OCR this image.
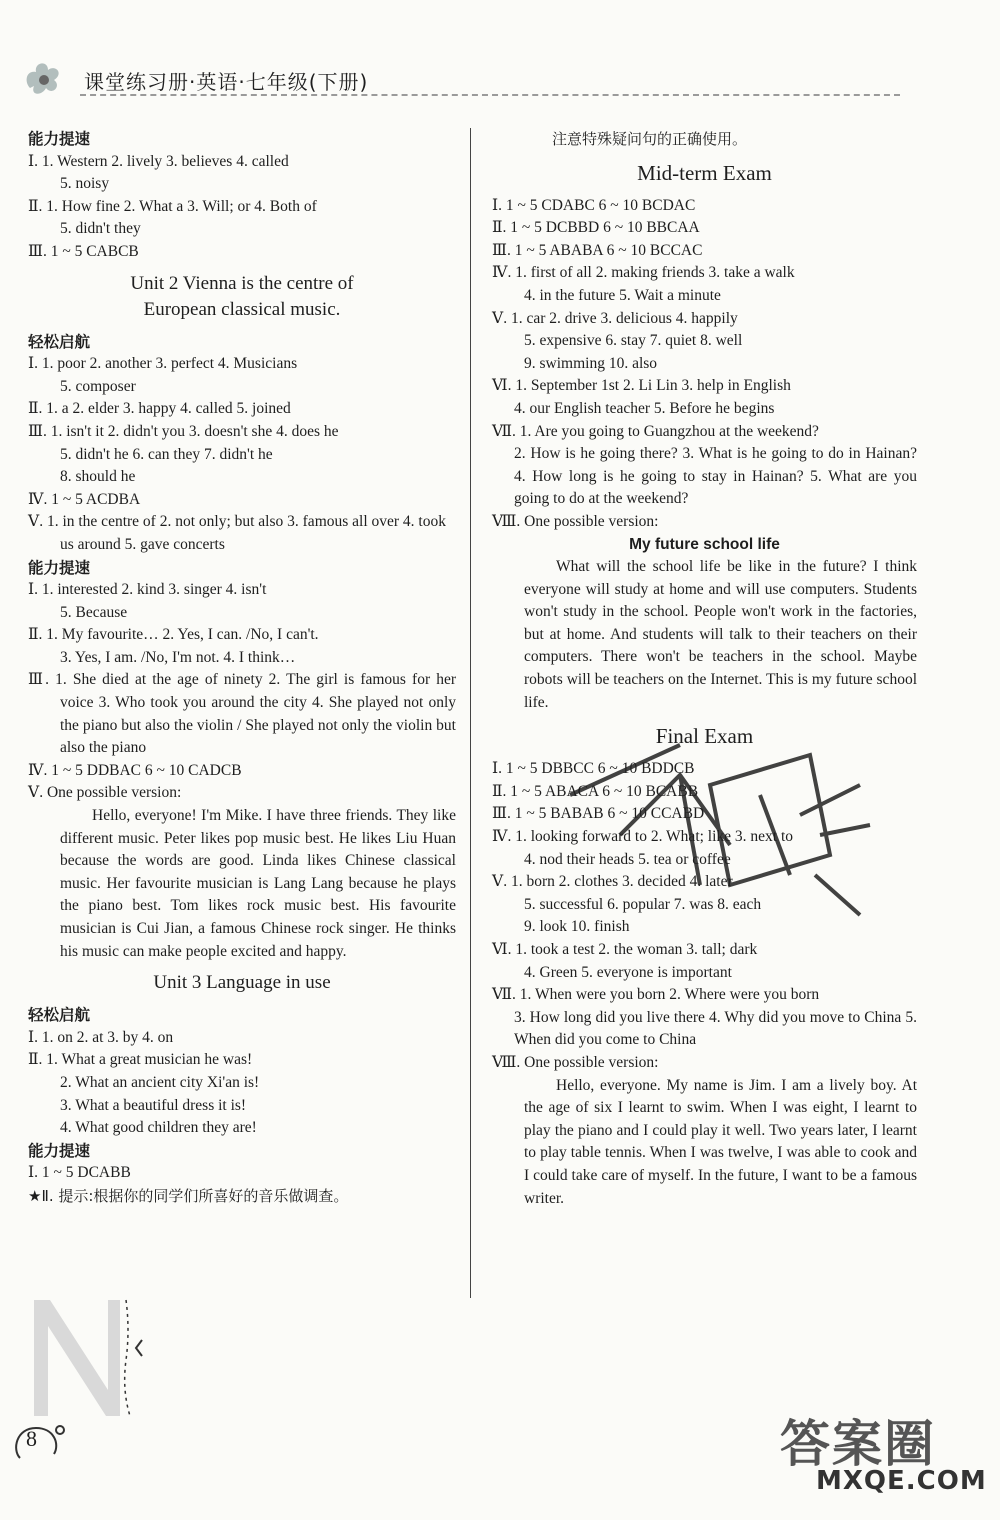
课堂练习册·英语·七年级(下册)
能力提速
Ⅰ. 1. Western 2. lively 3. believes 4. called
5. noisy
Ⅱ. 1. How fine 2. What a 3. Will; or 4. Both of
5. didn't they
Ⅲ. 1 ~ 5 CABCB
Unit 2 Vienna is the centre of
European classical music.
轻松启航
Ⅰ. 1. poor 2. another 3. perfect 4. Musicians
5. composer
Ⅱ. 1. a 2. elder 3. happy 4. called 5. joined
Ⅲ. 1. isn't it 2. didn't you 3. doesn't she 4. does he
5. didn't he 6. can they 7. didn't he
8. should he
Ⅳ. 1 ~ 5 ACDBA
Ⅴ. 1. in the centre of 2. not only; but also 3. famous all over 4. took us around 5. gave concerts
能力提速
Ⅰ. 1. interested 2. kind 3. singer 4. isn't
5. Because
Ⅱ. 1. My favourite… 2. Yes, I can. /No, I can't.
3. Yes, I am. /No, I'm not. 4. I think…
Ⅲ. 1. She died at the age of ninety 2. The girl is famous for her voice 3. Who took you around the city 4. She played not only the piano but also the violin / She played not only the violin but also the piano
Ⅳ. 1 ~ 5 DDBAC 6 ~ 10 CADCB
Ⅴ. One possible version:
Hello, everyone! I'm Mike. I have three friends. They like different music. Peter likes pop music best. He likes Liu Huan because the words are good. Linda likes Chinese classical music. Her favourite musician is Lang Lang because he plays the piano best. Tom likes rock music best. His favourite musician is Cui Jian, a famous Chinese rock singer. He thinks his music can make people excited and happy.
Unit 3 Language in use
轻松启航
Ⅰ. 1. on 2. at 3. by 4. on
Ⅱ. 1. What a great musician he was!
2. What an ancient city Xi'an is!
3. What a beautiful dress it is!
4. What good children they are!
能力提速
Ⅰ. 1 ~ 5 DCABB
★Ⅱ. 提示:根据你的同学们所喜好的音乐做调查。
注意特殊疑问句的正确使用。
Mid-term Exam
Ⅰ. 1 ~ 5 CDABC 6 ~ 10 BCDAC
Ⅱ. 1 ~ 5 DCBBD 6 ~ 10 BBCAA
Ⅲ. 1 ~ 5 ABABA 6 ~ 10 BCCAC
Ⅳ. 1. first of all 2. making friends 3. take a walk
4. in the future 5. Wait a minute
Ⅴ. 1. car 2. drive 3. delicious 4. happily
5. expensive 6. stay 7. quiet 8. well
9. swimming 10. also
Ⅵ. 1. September 1st 2. Li Lin 3. help in English
4. our English teacher 5. Before he begins
Ⅶ. 1. Are you going to Guangzhou at the weekend?
2. How is he going there? 3. What is he going to do in Hainan? 4. How long is he going to stay in Hainan? 5. What are you going to do at the weekend?
Ⅷ. One possible version:
My future school life
What will the school life be like in the future? I think everyone will study at home and will use computers. Students won't study in the school. People won't work in the factories, but at home. And students will talk to their teachers on their computers. There won't be teachers in the school. Maybe robots will be teachers on the Internet. This is my future school life.
Final Exam
Ⅰ. 1 ~ 5 DBBCC 6 ~ 10 BDDCB
Ⅱ. 1 ~ 5 ABACA 6 ~ 10 BCABB
Ⅲ. 1 ~ 5 BABAB 6 ~ 10 CCABD
Ⅳ. 1. looking forward to 2. What; like 3. next to
4. nod their heads 5. tea or coffee
Ⅴ. 1. born 2. clothes 3. decided 4. later
5. successful 6. popular 7. was 8. each
9. look 10. finish
Ⅵ. 1. took a test 2. the woman 3. tall; dark
4. Green 5. everyone is important
Ⅶ. 1. When were you born 2. Where were you born
3. How long did you live there 4. Why did you move to China 5. When did you come to China
Ⅷ. One possible version:
Hello, everyone. My name is Jim. I am a lively boy. At the age of six I learnt to swim. When I was eight, I learnt to play the piano and I could play it well. Two years later, I learnt to play table tennis. When I was twelve, I was able to cook and I could take care of myself. In the future, I want to be a famous writer.
8	答案圈
MXQE.COM
